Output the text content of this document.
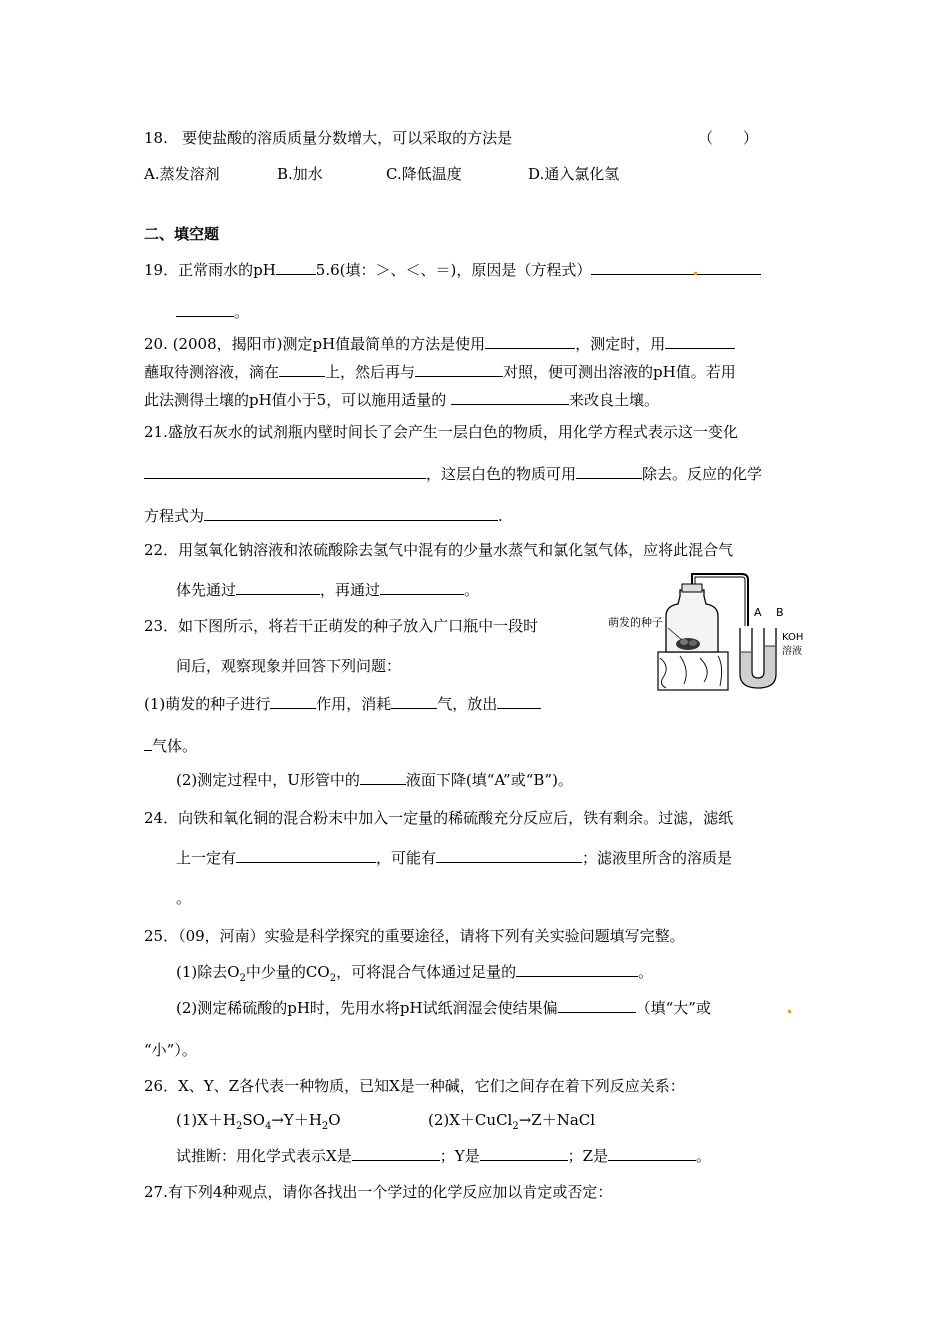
18. 要使盐酸的溶质质量分数增大，可以采取的方法是	（　　）
A.蒸发溶剂	B.加水	C.降低温度	D.通入氯化氢
二、填空题
19．正常雨水的pH	5.6(填：＞、＜、＝)，原因是（方程式）
。
20. (2008，揭阳市)测定pH值最简单的方法是使用	，测定时，用
蘸取待测溶液，滴在	上，然后再与	对照，便可测出溶液的pH值。若用
此法测得土壤的pH值小于5，可以施用适量的	来改良土壤。
21.盛放石灰水的试剂瓶内壁时间长了会产生一层白色的物质，用化学方程式表示这一变化
，这层白色的物质可用	除去。反应的化学
方程式为	.
22．用氢氧化钠溶液和浓硫酸除去氢气中混有的少量水蒸气和氯化氢气体，应将此混合气
体先通过	，再通过	。
23．如下图所示，将若干正萌发的种子放入广口瓶中一段时
间后，观察现象并回答下列问题：
(1)萌发的种子进行	作用，消耗	气，放出
气体。
(2)测定过程中，U形管中的	液面下降(填“A”或“B”)。
萌发的种子
A B
KOH
溶液
24．向铁和氧化铜的混合粉末中加入一定量的稀硫酸充分反应后，铁有剩余。过滤，滤纸
上一定有	，可能有	；滤液里所含的溶质是
。
25．（09，河南）实验是科学探究的重要途径，请将下列有关实验问题填写完整。
(1)除去$O_2$中少量的$CO_2$，可将混合气体通过足量的	。
(2)测定稀硫酸的pH时，先用水将pH试纸润湿会使结果偏	（填“大”或
“小”）。
26．X、Y、Z各代表一种物质，已知X是一种碱，它们之间存在着下列反应关系：
$(1)X+H_2SO_4\to Y+H_2O$	(2)X＋CuCl$_2$→Z＋NaCl
试推断：用化学式表示X是	；Y是	；Z是	。
27.有下列4种观点，请你各找出一个学过的化学反应加以肯定或否定：
